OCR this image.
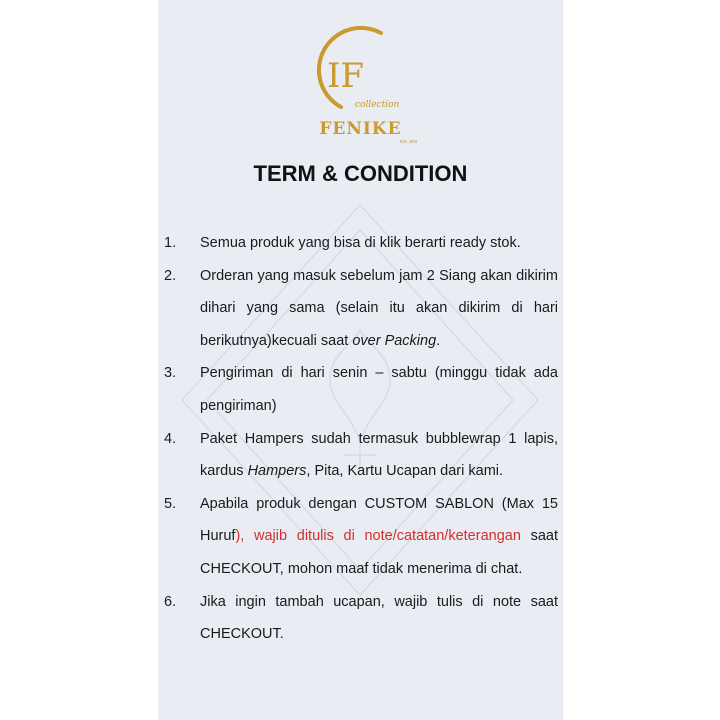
IF
collection
FENIKE
EST. 2018
TERM & CONDITION
1. Semua produk yang bisa di klik berarti ready stok.
2. Orderan yang masuk sebelum jam 2 Siang akan dikirim dihari yang sama (selain itu akan dikirim di hari berikutnya)kecuali saat over Packing.
3. Pengiriman di hari senin – sabtu (minggu tidak ada pengiriman)
4. Paket Hampers sudah termasuk bubblewrap 1 lapis, kardus Hampers, Pita, Kartu Ucapan dari kami.
5. Apabila produk dengan CUSTOM SABLON (Max 15 Huruf), wajib ditulis di note/catatan/keterangan saat CHECKOUT, mohon maaf tidak menerima di chat.
6. Jika ingin tambah ucapan, wajib tulis di note saat CHECKOUT.
